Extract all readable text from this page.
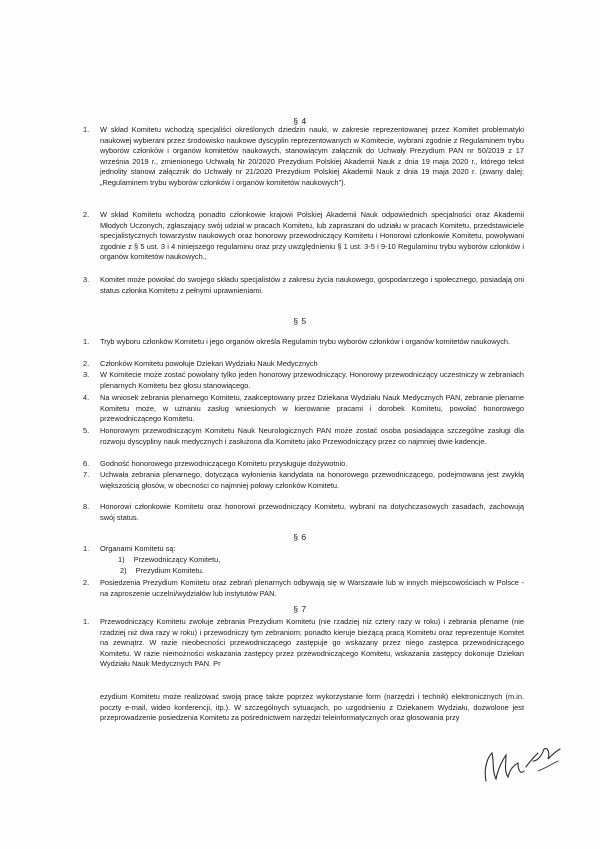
§ 4
1. W skład Komitetu wchodzą specjaliści określonych dziedzin nauki, w zakresie reprezentowanej przez Komitet problematyki naukowej wybierani przez środowisko naukowe dyscyplin reprezentowanych w Komitecie, wybrani zgodnie z Regulaminem trybu wyborów członków i organów komitetów naukowych, stanowiącym załącznik do Uchwały Prezydium PAN nr 50/2019 z 17 września 2019 r., zmienionego Uchwałą Nr 20/2020 Prezydium Polskiej Akademii Nauk z dnia 19 maja 2020 r., którego tekst jednolity stanowi załącznik do Uchwały nr 21/2020 Prezydium Polskiej Akademii Nauk z dnia 19 maja 2020 r. (zwany dalej: „Regulaminem trybu wyborów członków i organów komitetów naukowych”).
2. W skład Komitetu wchodzą ponadto członkowie krajowi Polskiej Akademii Nauk odpowiednich specjalności oraz Akademii Młodych Uczonych, zgłaszający swój udział w pracach Komitetu, lub zapraszani do udziału w pracach Komitetu, przedstawiciele specjalistycznych towarzystw naukowych oraz honorowy przewodniczący Komitetu i Honorowi członkowie Komitetu, powoływani zgodnie z § 5 ust. 3 i 4 niniejszego regulaminu oraz przy uwzględnieniu § 1 ust. 3-5 i 9-10 Regulaminu trybu wyborów członków i organów komitetów naukowych.,
3. Komitet może powołać do swojego składu specjalistów z zakresu życia naukowego, gospodarczego i społecznego, posiadają oni status członka Komitetu z pełnymi uprawnieniami.
§ 5
1. Tryb wyboru członków Komitetu i jego organów określa Regulamin trybu wyborów członków i organów komitetów naukowych.
2. Członków Komitetu powołuje Dziekan Wydziału Nauk Medycznych
3. W Komitecie może zostać powołany tylko jeden honorowy przewodniczący. Honorowy przewodniczący uczestniczy w zebraniach plenarnych Komitetu bez głosu stanowiącego.
4. Na wniosek zebrania plenarnego Komitetu, zaakceptowany przez Dziekana Wydziału Nauk Medycznych PAN, zebranie plenarne Komitetu może, w uznaniu zasług wniesionych w kierowanie pracami i dorobek Komitetu, powołać honorowego przewodniczącego Komitetu.
5. Honorowym przewodniczącym Komitetu Nauk Neurologicznych PAN może zostać osoba posiadająca szczególne zasługi dla rozwoju dyscypliny nauk medycznych i zasłużona dla Komitetu jako Przewodniczący przez co najmniej dwie kadencje.
6. Godność honorowego przewodniczącego Komitetu przysługuje dożywotnio.
7. Uchwała zebrania plenarnego, dotycząca wyłonienia kandydata na honorowego przewodniczącego, podejmowana jest zwykłą większością głosów, w obecności co najmniej połowy członków Komitetu.
8. Honorowi członkowie Komitetu oraz honorowi przewodniczący Komitetu, wybrani na dotychczasowych zasadach, zachowują swój status.
§ 6
1. Organami Komitetu są:
1) Przewodniczący Komitetu,
2) Prezydium Komitetu.
2. Posiedzenia Prezydium Komitetu oraz zebrań plenarnych odbywają się w Warszawie lub w innych miejscowościach w Polsce - na zaproszenie uczelni/wydziałów lub instytutów PAN.
§ 7
1. Przewodniczący Komitetu zwołuje zebrania Prezydium Komitetu (nie rzadziej niż cztery razy w roku) i zebrania plenarne (nie rzadziej niż dwa razy w roku) i przewodniczy tym zebraniom; ponadto kieruje bieżącą pracą Komitetu oraz reprezentuje Komitet na zewnątrz. W razie nieobecności przewodniczącego zastępuje go wskazany przez niego zastępca przewodniczącego Komitetu. W razie niemożności wskazania zastępcy przez przewodniczącego Komitetu, wskazania zastępcy dokonuje Dziekan Wydziału Nauk Medycznych PAN. Pr
ezydium Komitetu może realizować swoją pracę także poprzez wykorzystanie form (narzędzi i technik) elektronicznych (m.in. poczty e-mail, wideo konferencji, itp.). W szczególnych sytuacjach, po uzgodnieniu z Dziekanem Wydziału, dozwolone jest przeprowadzenie posiedzenia Komitetu za pośrednictwem narzędzi teleinformatycznych oraz głosowania przy
